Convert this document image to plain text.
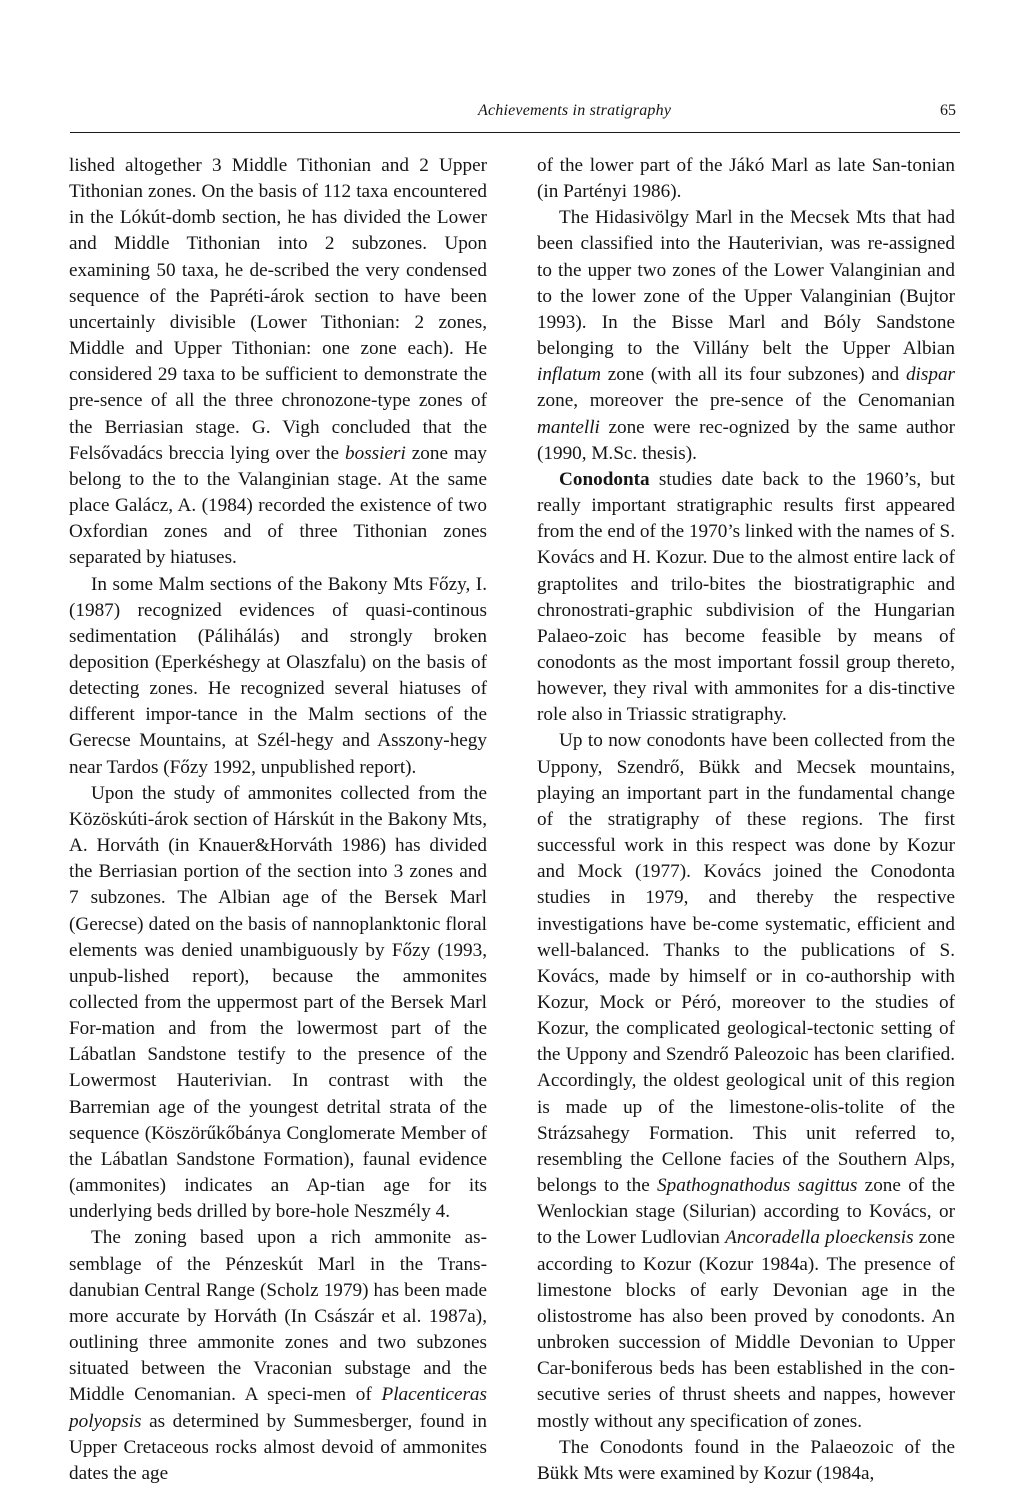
Achievements in stratigraphy	65

lished altogether 3 Middle Tithonian and 2 Upper Tithonian zones. On the basis of 112 taxa encountered in the Lókút-domb section, he has divided the Lower and Middle Tithonian into 2 subzones. Upon examining 50 taxa, he de-scribed the very condensed sequence of the Papréti-árok section to have been uncertainly divisible (Lower Tithonian: 2 zones, Middle and Upper Tithonian: one zone each). He considered 29 taxa to be sufficient to demonstrate the pre-sence of all the three chronozone-type zones of the Berriasian stage. G. Vigh concluded that the Felsővadács breccia lying over the bossieri zone may belong to the to the Valanginian stage. At the same place Galácz, A. (1984) recorded the existence of two Oxfordian zones and of three Tithonian zones separated by hiatuses.

In some Malm sections of the Bakony Mts Főzy, I. (1987) recognized evidences of quasi-continous sedimentation (Pálihálás) and strongly broken deposition (Eperkéshegy at Olaszfalu) on the basis of detecting zones. He recognized several hiatuses of different impor-tance in the Malm sections of the Gerecse Mountains, at Szél-hegy and Asszony-hegy near Tardos (Főzy 1992, unpublished report).

Upon the study of ammonites collected from the Közöskúti-árok section of Hárskút in the Bakony Mts, A. Horváth (in Knauer&Horváth 1986) has divided the Berriasian portion of the section into 3 zones and 7 subzones. The Albian age of the Bersek Marl (Gerecse) dated on the basis of nannoplanktonic floral elements was denied unambiguously by Főzy (1993, unpub-lished report), because the ammonites collected from the uppermost part of the Bersek Marl For-mation and from the lowermost part of the Lábatlan Sandstone testify to the presence of the Lowermost Hauterivian. In contrast with the Barremian age of the youngest detrital strata of the sequence (Köszörűkőbánya Conglomerate Member of the Lábatlan Sandstone Formation), faunal evidence (ammonites) indicates an Ap-tian age for its underlying beds drilled by bore-hole Neszmély 4.

The zoning based upon a rich ammonite as-semblage of the Pénzeskút Marl in the Trans-danubian Central Range (Scholz 1979) has been made more accurate by Horváth (In Császár et al. 1987a), outlining three ammonite zones and two subzones situated between the Vraconian substage and the Middle Cenomanian. A speci-men of Placenticeras polyopsis as determined by Summesberger, found in Upper Cretaceous rocks almost devoid of ammonites dates the age

of the lower part of the Jákó Marl as late San-tonian (in Partényi 1986).

The Hidasivölgy Marl in the Mecsek Mts that had been classified into the Hauterivian, was re-assigned to the upper two zones of the Lower Valanginian and to the lower zone of the Upper Valanginian (Bujtor 1993). In the Bisse Marl and Bóly Sandstone belonging to the Villány belt the Upper Albian inflatum zone (with all its four subzones) and dispar zone, moreover the pre-sence of the Cenomanian mantelli zone were rec-ognized by the same author (1990, M.Sc. thesis).

Conodonta studies date back to the 1960’s, but really important stratigraphic results first appeared from the end of the 1970’s linked with the names of S. Kovács and H. Kozur. Due to the almost entire lack of graptolites and trilo-bites the biostratigraphic and chronostrati-graphic subdivision of the Hungarian Palaeo-zoic has become feasible by means of conodonts as the most important fossil group thereto, however, they rival with ammonites for a dis-tinctive role also in Triassic stratigraphy.

Up to now conodonts have been collected from the Uppony, Szendrő, Bükk and Mecsek mountains, playing an important part in the fundamental change of the stratigraphy of these regions. The first successful work in this respect was done by Kozur and Mock (1977). Kovács joined the Conodonta studies in 1979, and thereby the respective investigations have be-come systematic, efficient and well-balanced. Thanks to the publications of S. Kovács, made by himself or in co-authorship with Kozur, Mock or Péró, moreover to the studies of Kozur, the complicated geological-tectonic setting of the Uppony and Szendrő Paleozoic has been clarified. Accordingly, the oldest geological unit of this region is made up of the limestone-olis-tolite of the Strázsahegy Formation. This unit referred to, resembling the Cellone facies of the Southern Alps, belongs to the Spathognathodus sagittus zone of the Wenlockian stage (Silurian) according to Kovács, or to the Lower Ludlovian Ancoradella ploeckensis zone according to Kozur (Kozur 1984a). The presence of limestone blocks of early Devonian age in the olistostrome has also been proved by conodonts. An unbroken succession of Middle Devonian to Upper Car-boniferous beds has been established in the con-secutive series of thrust sheets and nappes, however mostly without any specification of zones.

The Conodonts found in the Palaeozoic of the Bükk Mts were examined by Kozur (1984a,
